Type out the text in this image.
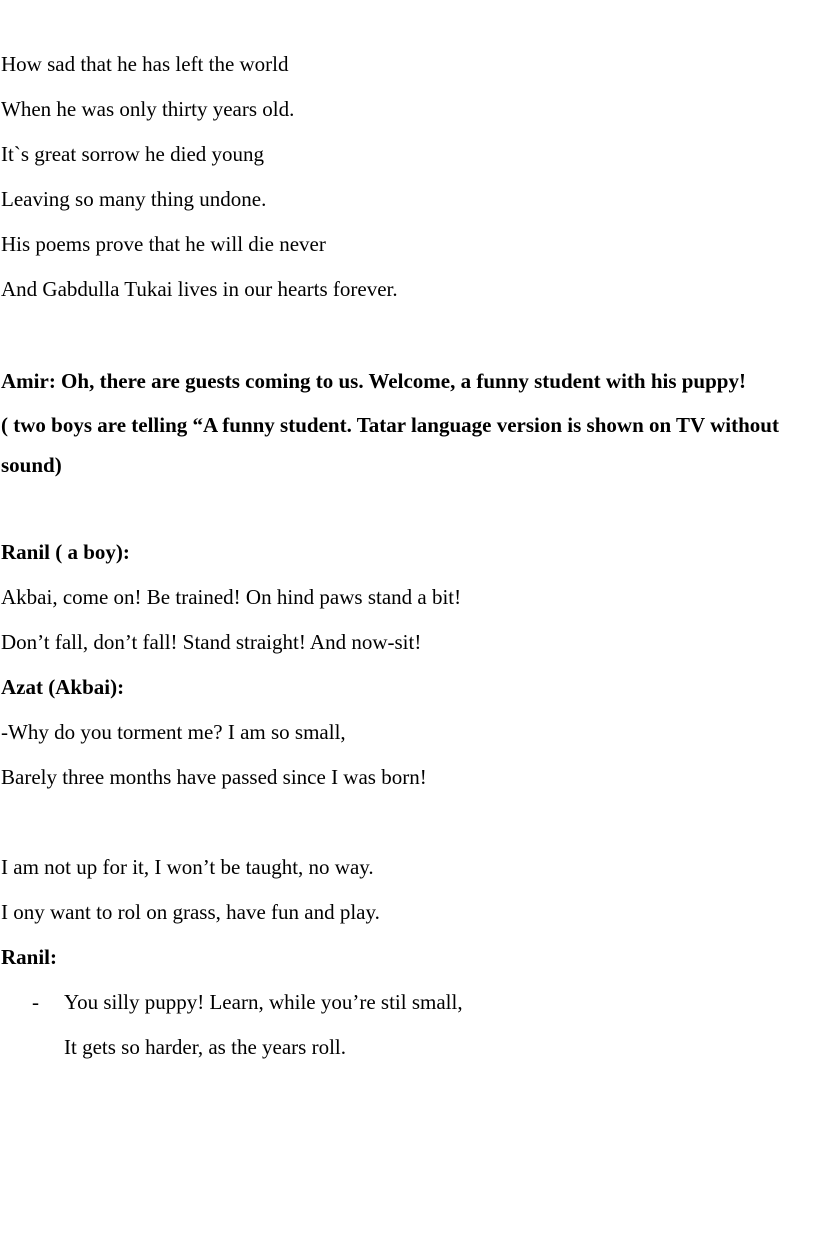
How sad that he has left the world
When he was only thirty years old.
It`s great sorrow he died young
Leaving so many thing undone.
His poems prove that he will die never
And Gabdulla Tukai lives in our hearts forever.
Amir: Oh, there are guests coming to us. Welcome, a funny student with his puppy!
( two boys are telling “A funny student. Tatar language version is shown on TV without sound)
Ranil ( a boy):
Akbai, come on! Be trained! On hind paws stand a bit!
Don’t fall, don’t fall! Stand straight! And now-sit!
Azat (Akbai):
-Why do you torment me? I am so small,
Barely three months have passed since I was born!
I am not up for it, I won’t be taught, no way.
I ony want to rol on grass, have fun and play.
Ranil:
-	You silly puppy! Learn, while you’re stil small,
It gets so harder, as the years roll.
